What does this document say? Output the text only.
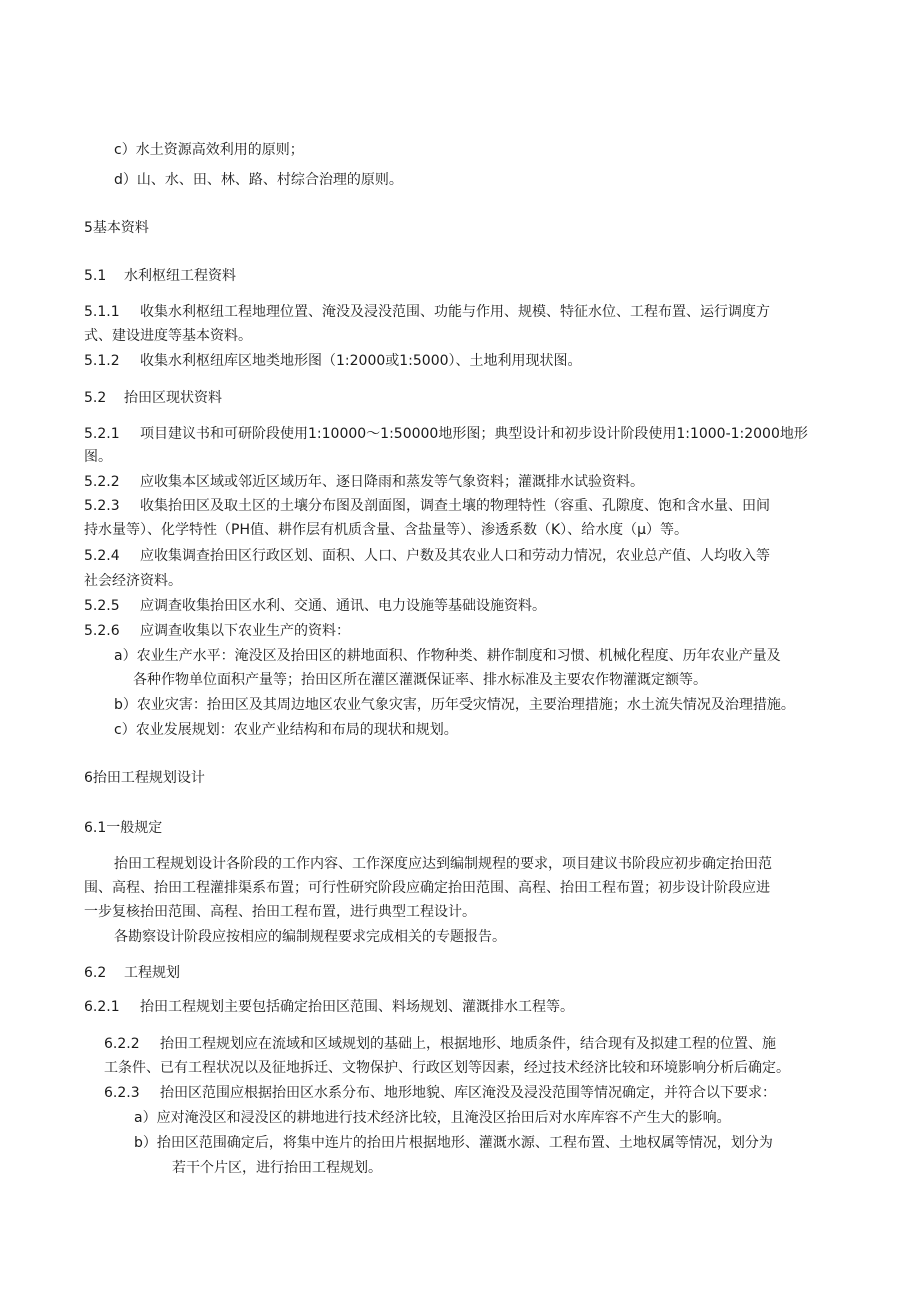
c）水土资源高效利用的原则；
d）山、水、田、林、路、村综合治理的原则。
5基本资料
5.1 水利枢纽工程资料
5.1.1 收集水利枢纽工程地理位置、淹没及浸没范围、功能与作用、规模、特征水位、工程布置、运行调度方
式、建设进度等基本资料。
5.1.2 收集水利枢纽库区地类地形图（1:2000或1:5000）、土地利用现状图。
5.2 抬田区现状资料
5.2.1 项目建议书和可研阶段使用1:10000〜1:50000地形图；典型设计和初步设计阶段使用1:1000-1:2000地形
图。
5.2.2 应收集本区域或邻近区域历年、逐日降雨和蒸发等气象资料；灌溉排水试验资料。
5.2.3 收集抬田区及取土区的土壤分布图及剖面图，调查土壤的物理特性（容重、孔隙度、饱和含水量、田间
持水量等）、化学特性（PH值、耕作层有机质含量、含盐量等）、渗透系数（K）、给水度（μ）等。
5.2.4 应收集调查抬田区行政区划、面积、人口、户数及其农业人口和劳动力情况，农业总产值、人均收入等
社会经济资料。
5.2.5 应调查收集抬田区水利、交通、通讯、电力设施等基础设施资料。
5.2.6 应调查收集以下农业生产的资料：
a）农业生产水平：淹没区及抬田区的耕地面积、作物种类、耕作制度和习惯、机械化程度、历年农业产量及
各种作物单位面积产量等；抬田区所在灌区灌溉保证率、排水标准及主要农作物灌溉定额等。
b）农业灾害：抬田区及其周边地区农业气象灾害，历年受灾情况，主要治理措施；水土流失情况及治理措施。
c）农业发展规划：农业产业结构和布局的现状和规划。
6抬田工程规划设计
6.1一般规定
抬田工程规划设计各阶段的工作内容、工作深度应达到编制规程的要求，项目建议书阶段应初步确定抬田范
围、高程、抬田工程灌排渠系布置；可行性研究阶段应确定抬田范围、高程、抬田工程布置；初步设计阶段应进
一步复核抬田范围、高程、抬田工程布置，进行典型工程设计。
各勘察设计阶段应按相应的编制规程要求完成相关的专题报告。
6.2 工程规划
6.2.1 抬田工程规划主要包括确定抬田区范围、料场规划、灌溉排水工程等。
6.2.2 抬田工程规划应在流域和区域规划的基础上，根据地形、地质条件，结合现有及拟建工程的位置、施
工条件、已有工程状况以及征地拆迁、文物保护、行政区划等因素，经过技术经济比较和环境影响分析后确定。
6.2.3 抬田区范围应根据抬田区水系分布、地形地貌、库区淹没及浸没范围等情况确定，并符合以下要求：
a）应对淹没区和浸没区的耕地进行技术经济比较，且淹没区抬田后对水库库容不产生大的影响。
b）抬田区范围确定后，将集中连片的抬田片根据地形、灌溉水源、工程布置、土地权属等情况，划分为
若干个片区，进行抬田工程规划。
